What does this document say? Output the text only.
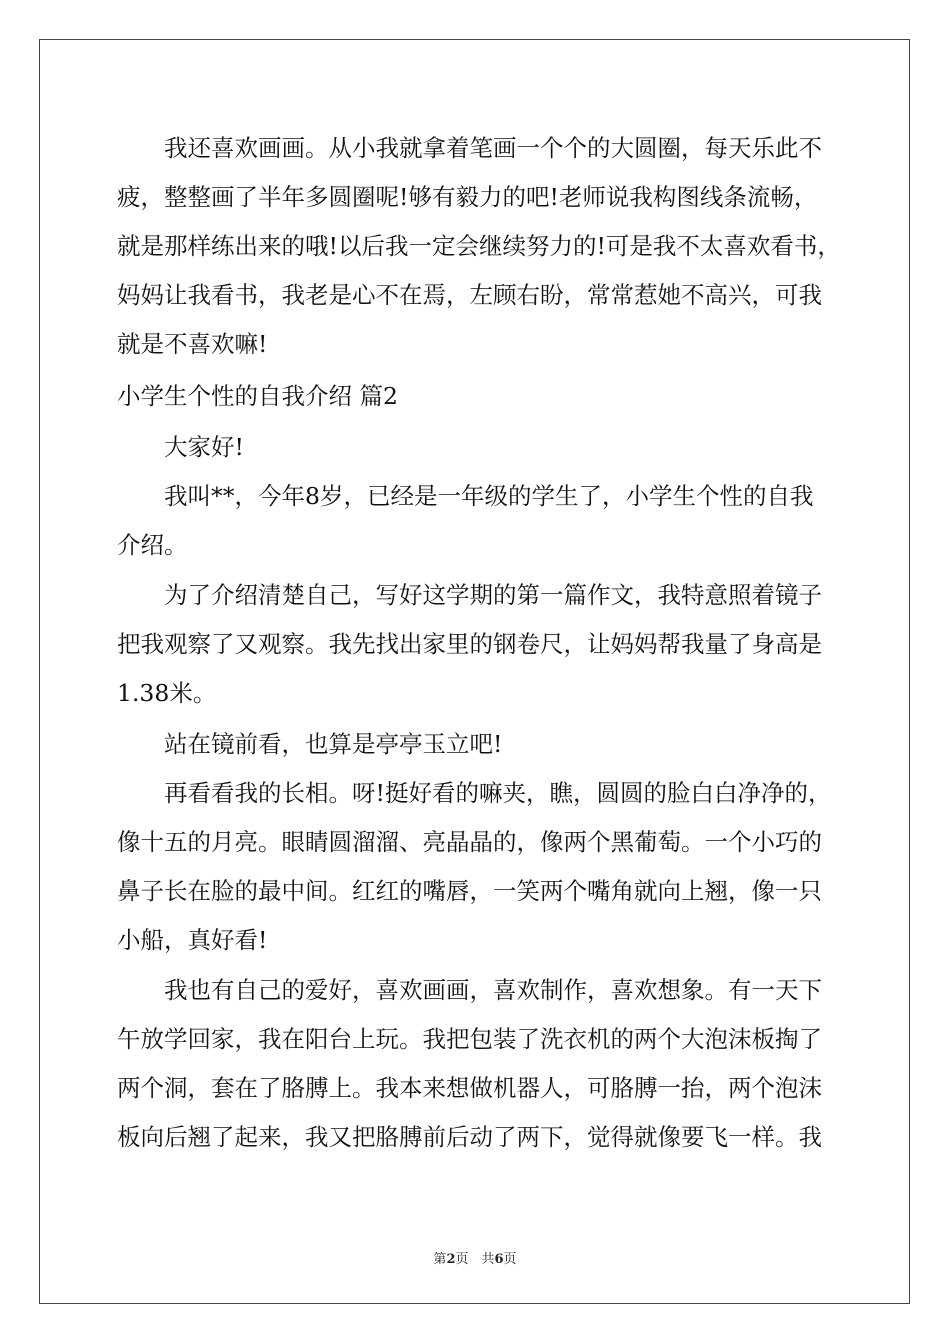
我还喜欢画画。从小我就拿着笔画一个个的大圆圈，每天乐此不
疲，整整画了半年多圆圈呢!够有毅力的吧!老师说我构图线条流畅，
就是那样练出来的哦!以后我一定会继续努力的!可是我不太喜欢看书，
妈妈让我看书，我老是心不在焉，左顾右盼，常常惹她不高兴，可我
就是不喜欢嘛!
小学生个性的自我介绍 篇2
大家好!
我叫**，今年8岁，已经是一年级的学生了，小学生个性的自我
介绍。
为了介绍清楚自己，写好这学期的第一篇作文，我特意照着镜子
把我观察了又观察。我先找出家里的钢卷尺，让妈妈帮我量了身高是
1.38米。
站在镜前看，也算是亭亭玉立吧!
再看看我的长相。呀!挺好看的嘛夹，瞧，圆圆的脸白白净净的，
像十五的月亮。眼睛圆溜溜、亮晶晶的，像两个黑葡萄。一个小巧的
鼻子长在脸的最中间。红红的嘴唇，一笑两个嘴角就向上翘，像一只
小船，真好看!
我也有自己的爱好，喜欢画画，喜欢制作，喜欢想象。有一天下
午放学回家，我在阳台上玩。我把包装了洗衣机的两个大泡沫板掏了
两个洞，套在了胳膊上。我本来想做机器人，可胳膊一抬，两个泡沫
板向后翘了起来，我又把胳膊前后动了两下，觉得就像要飞一样。我
第2页　共6页
